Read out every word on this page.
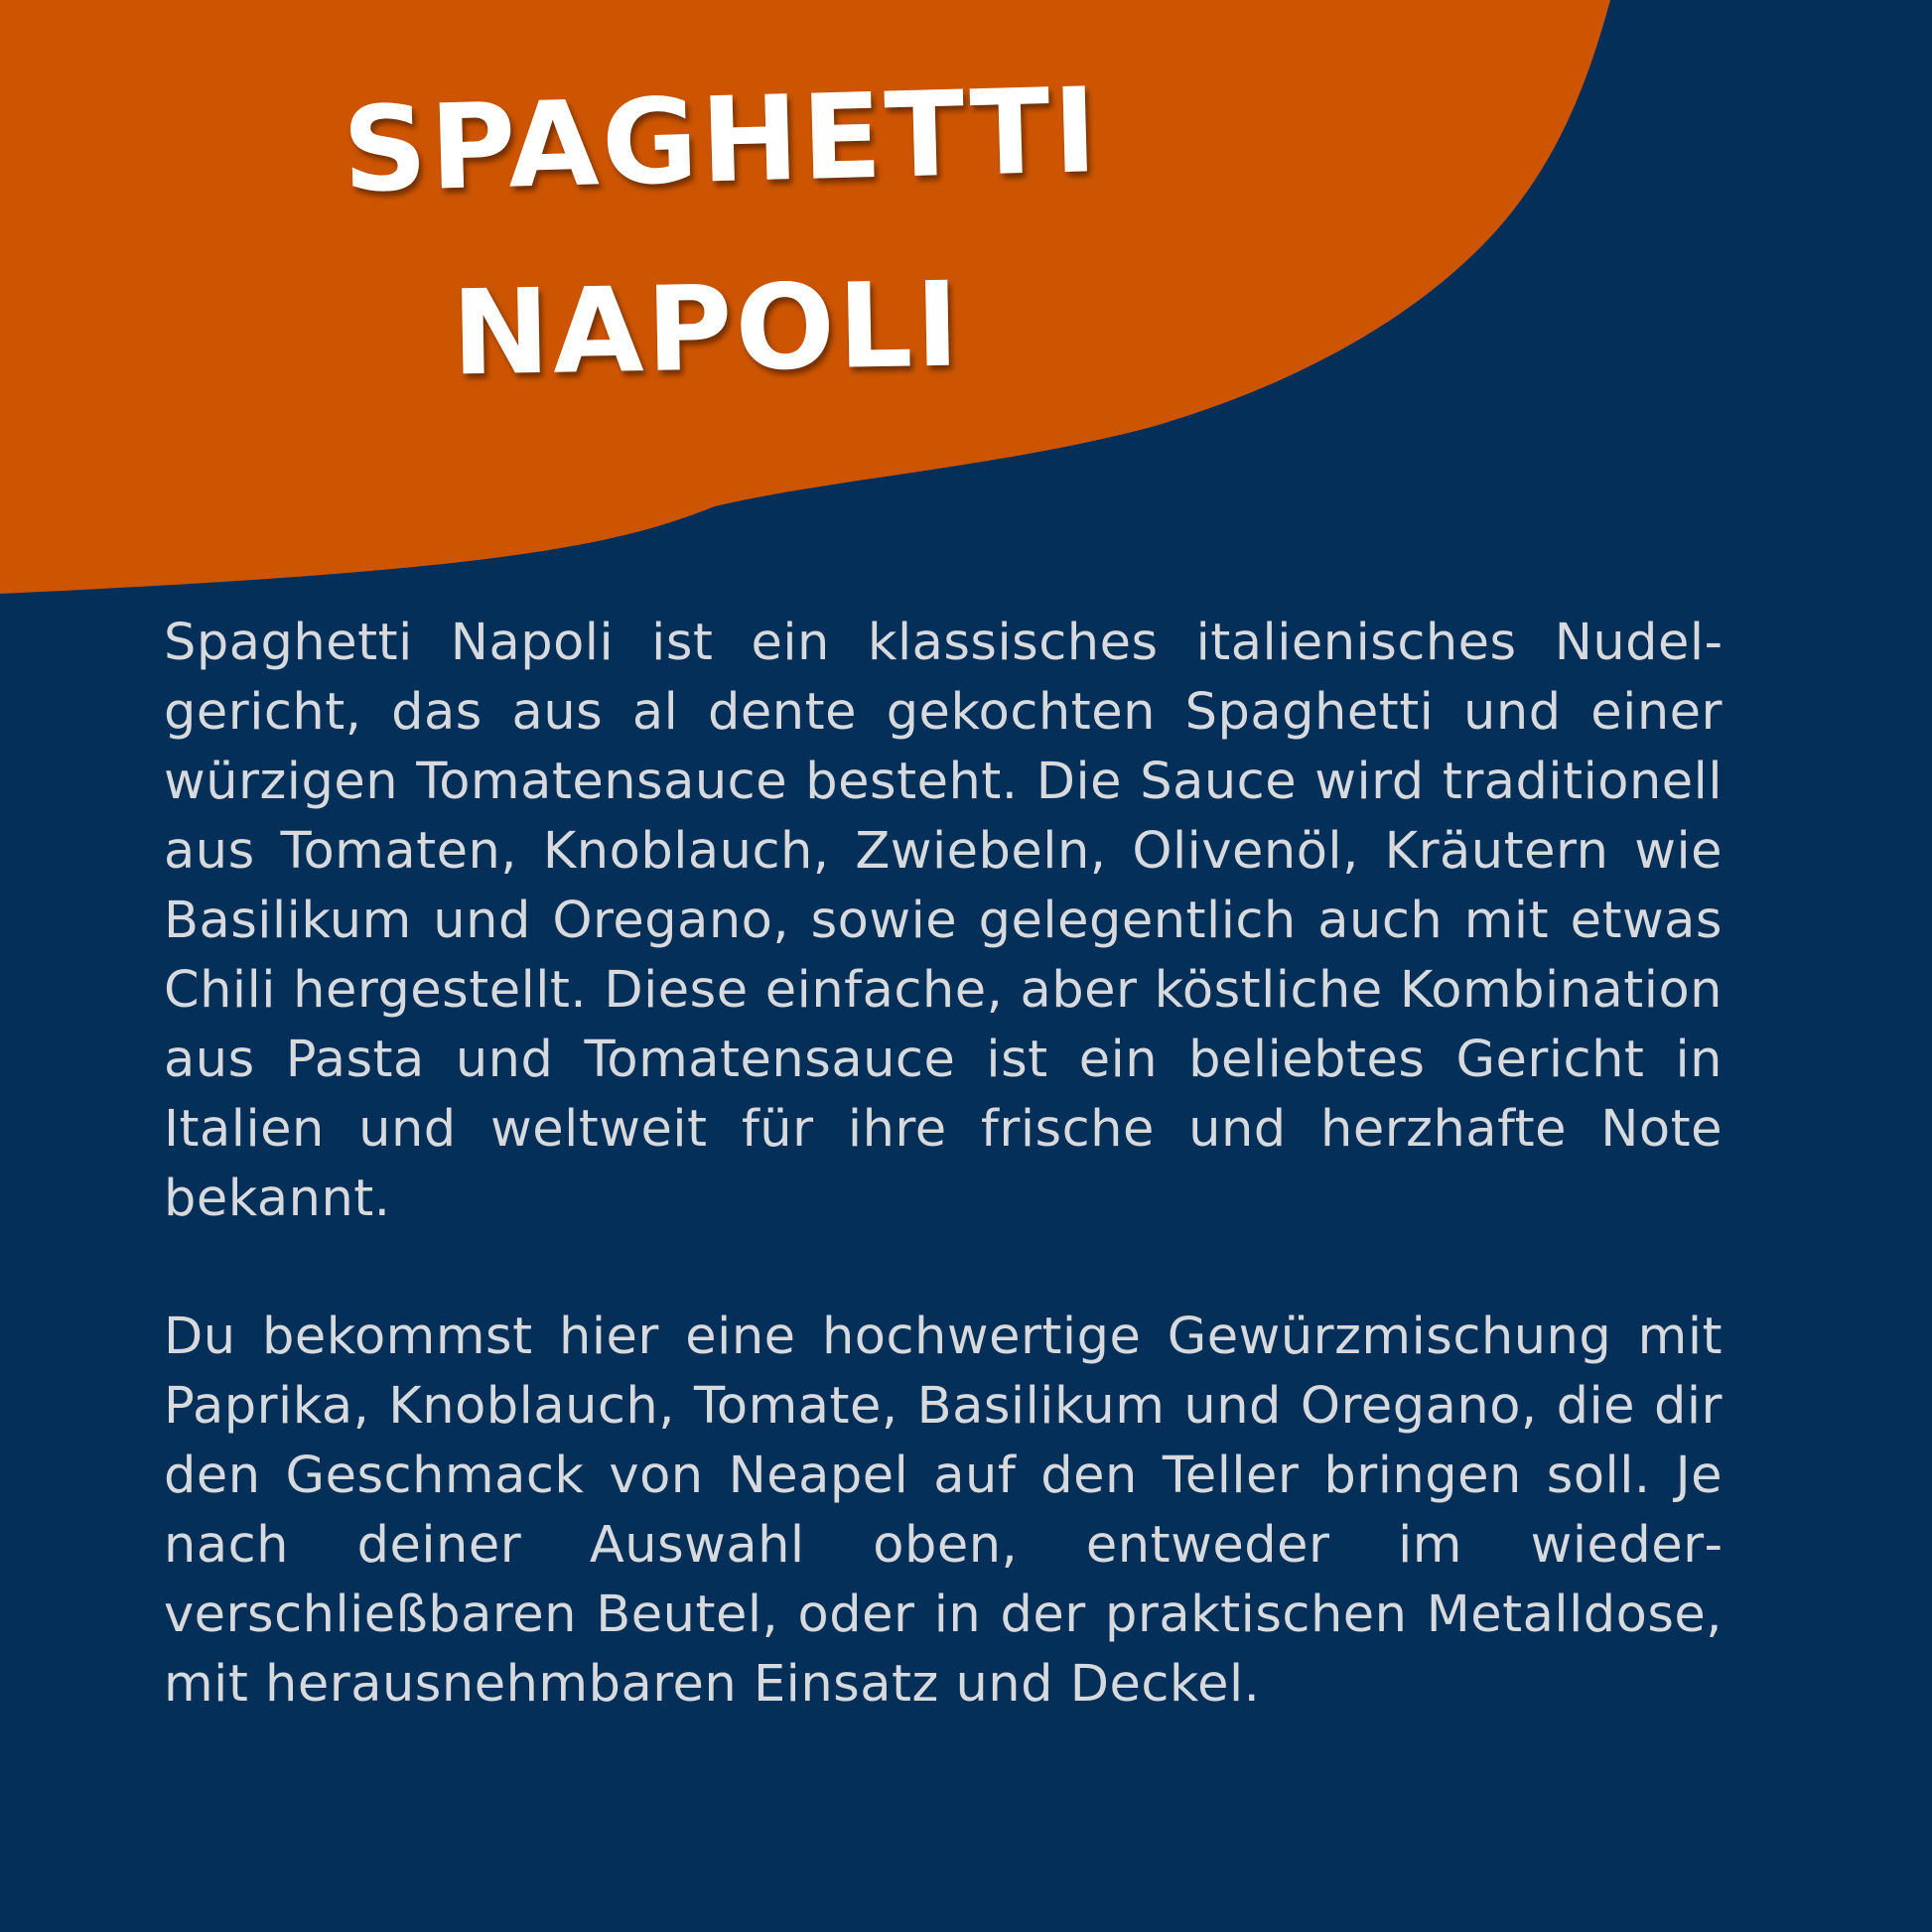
SPAGHETTI
NAPOLI

Spaghetti Napoli ist ein klassisches italienisches Nudelgericht, das aus al dente gekochten Spaghetti und einer würzigen Tomatensauce besteht. Die Sauce wird traditionell aus Tomaten, Knoblauch, Zwiebeln, Olivenöl, Kräutern wie Basilikum und Oregano, sowie gelegentlich auch mit etwas Chili hergestellt. Diese einfache, aber köstliche Kombination aus Pasta und Tomatensauce ist ein beliebtes Gericht in Italien und weltweit für ihre frische und herzhafte Note bekannt.

Du bekommst hier eine hochwertige Gewürzmischung mit Paprika, Knoblauch, Tomate, Basilikum und Oregano, die dir den Geschmack von Neapel auf den Teller bringen soll. Je nach deiner Auswahl oben, entweder im wiederverschließbaren Beutel, oder in der praktischen Metalldose, mit herausnehmbaren Einsatz und Deckel.
